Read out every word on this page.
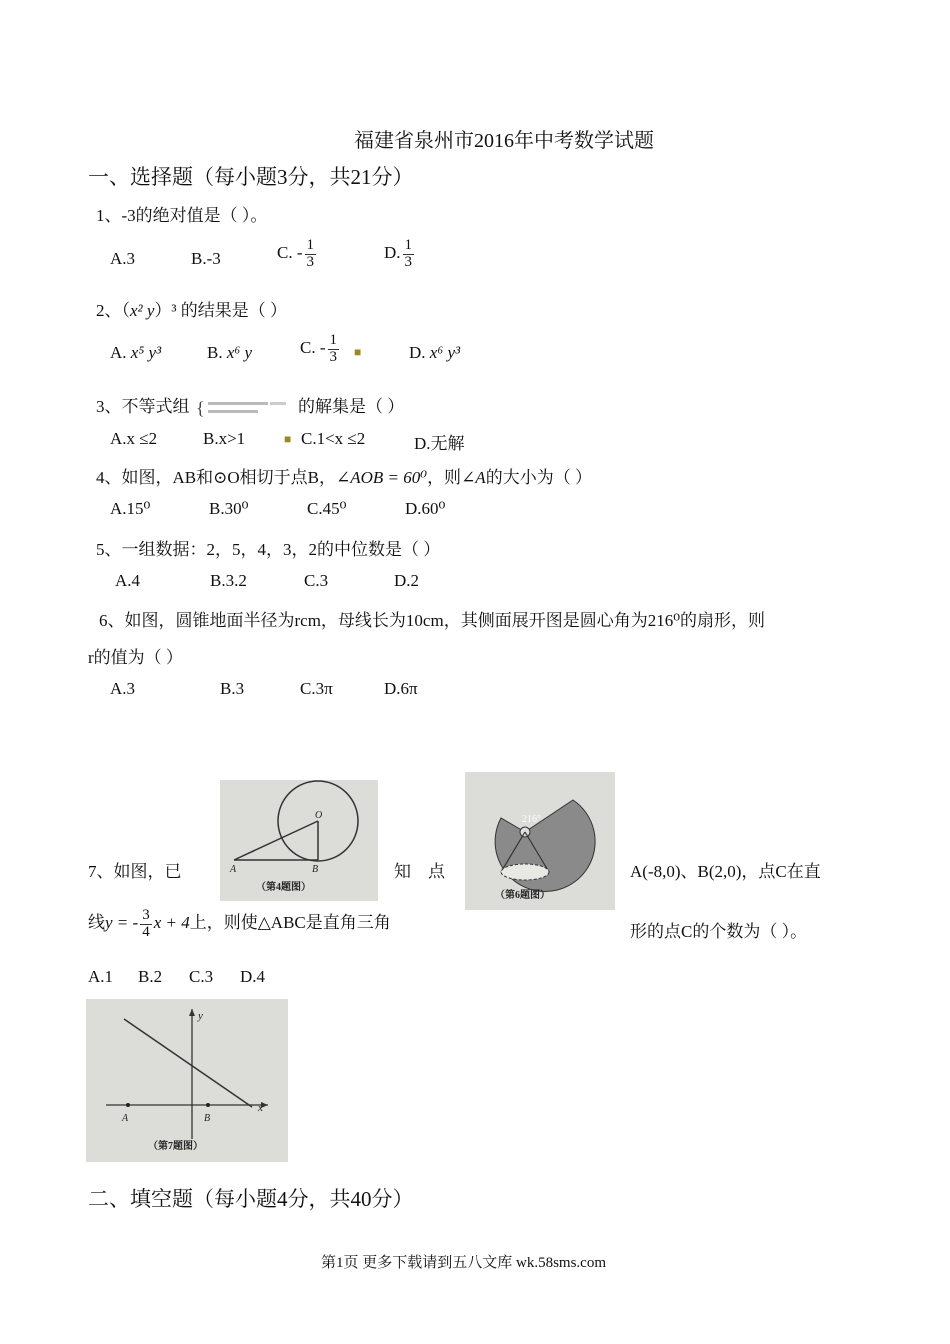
福建省泉州市2016年中考数学试题
一、选择题（每小题3分，共21分）
1、-3的绝对值是（ ）。
A.3	B.-3	C. - $\frac{1}{3}$	D. $\frac{1}{3}$
2、（x² y）³ 的结果是（ ）
A. x⁵ y³	B. x⁶ y	C. - $\frac{1}{3}$ ■	D. x⁶ y³
3、不等式组 {	的解集是（ ）
A.x ≤2	B.x>1	■ C.1<x ≤2	D.无解
4、如图，AB和⊙O相切于点B，∠AOB = 60⁰，则∠A的大小为（ ）
A.15⁰	B.30⁰	C.45⁰	D.60⁰
5、一组数据：2，5，4，3，2的中位数是（ ）
A.4	B.3.2	C.3	D.2
6、如图，圆锥地面半径为rcm，母线长为10cm，其侧面展开图是圆心角为216⁰的扇形，则
r的值为（ ）
A.3	B.3	C.3π	D.6π
O
A	B
（第4题图）
216°
（第6题图）
7、如图，已	知　点	A(-8,0)、B(2,0)，点C在直
线y = - $\frac{3}{4}$ x + 4上，则使△ABC是直角三角	形的点C的个数为（ ）。
A.1 B.2 C.3 D.4
y
x
A	B
（第7题图）
二、填空题（每小题4分，共40分）
第1页 更多下载请到五八文库 wk.58sms.com
